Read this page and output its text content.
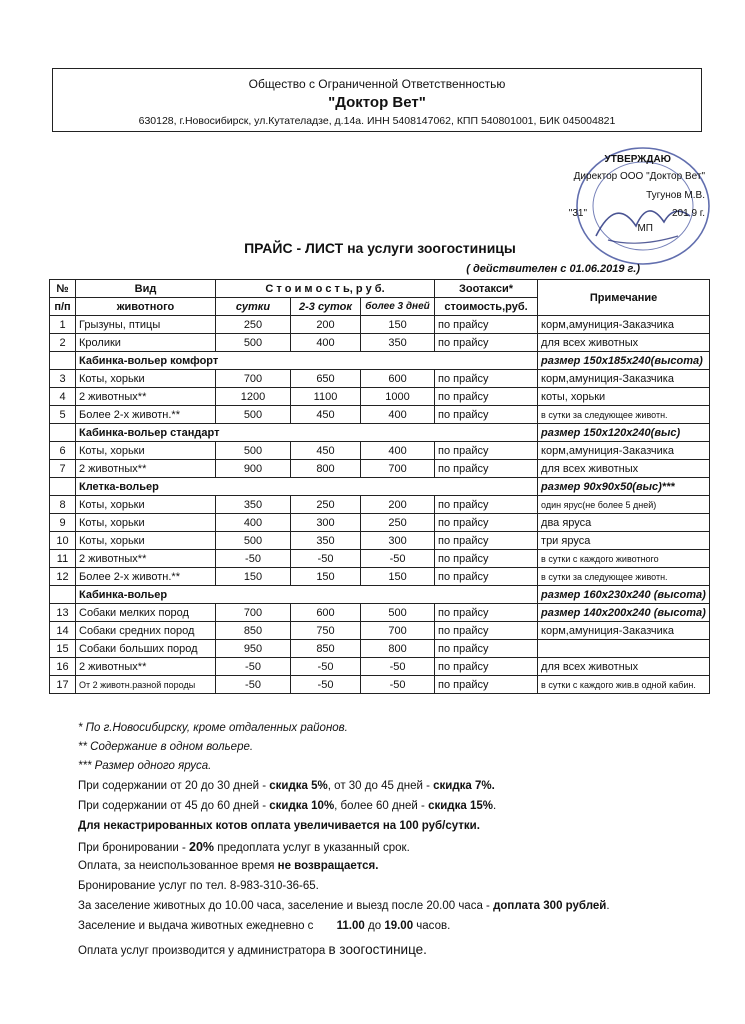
Общество с Ограниченной Ответственностью
"Доктор Вет"
630128, г.Новосибирск, ул.Кутателадзе, д.14а. ИНН 5408147062, КПП 540801001, БИК 045004821
УТВЕРЖДАЮ
Директор ООО "Доктор Вет"
Тугунов М.В.
"31"	201 9 г.
МП
ПРАЙС - ЛИСТ на услуги зоогостиницы
( действителен с 01.06.2019 г.)
№	Вид	С т о и м о с т ь, р у б.			Зоотакси*	Примечание
п/п	животного	сутки	2-3 суток	более 3 дней	стоимость,руб.	
1	Грызуны, птицы	250	200	150	по прайсу	корм,амуниция-Заказчика
2	Кролики	500	400	350	по прайсу	для всех животных
	Кабинка-вольер комфорт					размер 150х185х240(высота)
3	Коты, хорьки	700	650	600	по прайсу	корм,амуниция-Заказчика
4	2 животных**	1200	1100	1000	по прайсу	коты, хорьки
5	Более 2-х животн.**	500	450	400	по прайсу	в сутки за следующее животн.
	Кабинка-вольер стандарт					размер 150х120х240(выс)
6	Коты, хорьки	500	450	400	по прайсу	корм,амуниция-Заказчика
7	2 животных**	900	800	700	по прайсу	для всех животных
	Клетка-вольер					размер 90х90х50(выс)***
8	Коты, хорьки	350	250	200	по прайсу	один ярус(не более 5 дней)
9	Коты, хорьки	400	300	250	по прайсу	два яруса
10	Коты, хорьки	500	350	300	по прайсу	три яруса
11	2 животных**	-50	-50	-50	по прайсу	в сутки с каждого животного
12	Более 2-х животн.**	150	150	150	по прайсу	в сутки за следующее животн.
	Кабинка-вольер					размер 160х230х240 (высота)
13	Собаки мелких пород	700	600	500	по прайсу	размер 140х200х240 (высота)
14	Собаки средних пород	850	750	700	по прайсу	корм,амуниция-Заказчика
15	Собаки больших пород	950	850	800	по прайсу	
16	2 животных**	-50	-50	-50	по прайсу	для всех животных
17	От 2 животн.разной породы	-50	-50	-50	по прайсу	в сутки с каждого жив.в одной кабин.
* По г.Новосибирску, кроме отдаленных районов.
** Содержание в одном вольере.
*** Размер одного яруса.
При содержании от 20 до 30 дней - скидка 5%, от 30 до 45 дней - скидка 7%.
При содержании от 45 до 60 дней - скидка 10%, более 60 дней - скидка 15%.
Для некастрированных котов оплата увеличивается на 100 руб/сутки.
При бронировании - 20% предоплата услуг в указанный срок.
Оплата, за неиспользованное время не возвращается.
Бронирование услуг по тел. 8-983-310-36-65.
За заселение животных до 10.00 часа, заселение и выезд после 20.00 часа - доплата 300 рублей.
Заселение и выдача животных ежедневно с 11.00 до 19.00 часов.
Оплата услуг производится у администратора в зоогостинице.
